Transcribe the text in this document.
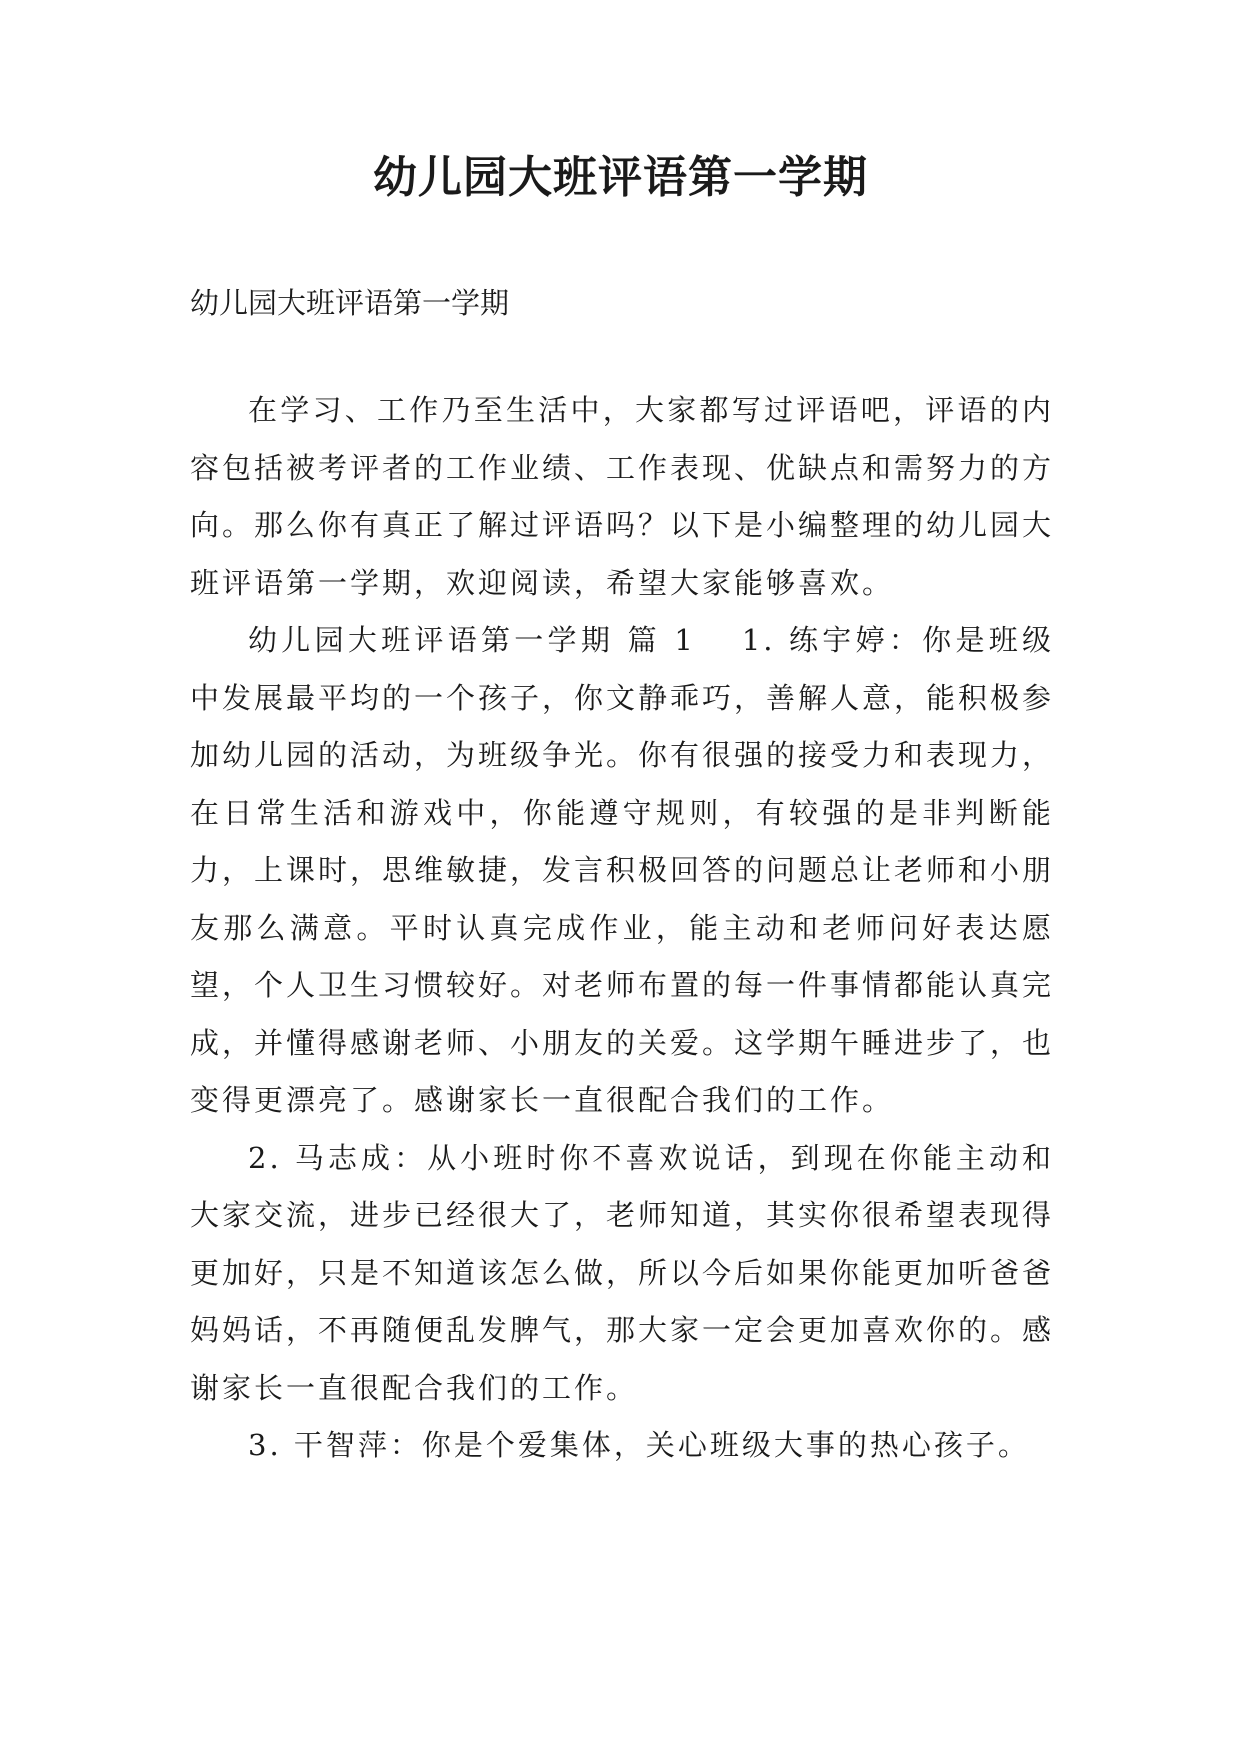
幼儿园大班评语第一学期

幼儿园大班评语第一学期

在学习、工作乃至生活中，大家都写过评语吧，评语的内容包括被考评者的工作业绩、工作表现、优缺点和需努力的方向。那么你有真正了解过评语吗？以下是小编整理的幼儿园大班评语第一学期，欢迎阅读，希望大家能够喜欢。

幼儿园大班评语第一学期 篇 1 1. 练宇婷：你是班级中发展最平均的一个孩子，你文静乖巧，善解人意，能积极参加幼儿园的活动，为班级争光。你有很强的接受力和表现力，在日常生活和游戏中，你能遵守规则，有较强的是非判断能力，上课时，思维敏捷，发言积极回答的问题总让老师和小朋友那么满意。平时认真完成作业，能主动和老师问好表达愿望，个人卫生习惯较好。对老师布置的每一件事情都能认真完成，并懂得感谢老师、小朋友的关爱。这学期午睡进步了，也变得更漂亮了。感谢家长一直很配合我们的工作。

2. 马志成：从小班时你不喜欢说话，到现在你能主动和大家交流，进步已经很大了，老师知道，其实你很希望表现得更加好，只是不知道该怎么做，所以今后如果你能更加听爸爸妈妈话，不再随便乱发脾气，那大家一定会更加喜欢你的。感谢家长一直很配合我们的工作。

3. 干智萍：你是个爱集体，关心班级大事的热心孩子。
